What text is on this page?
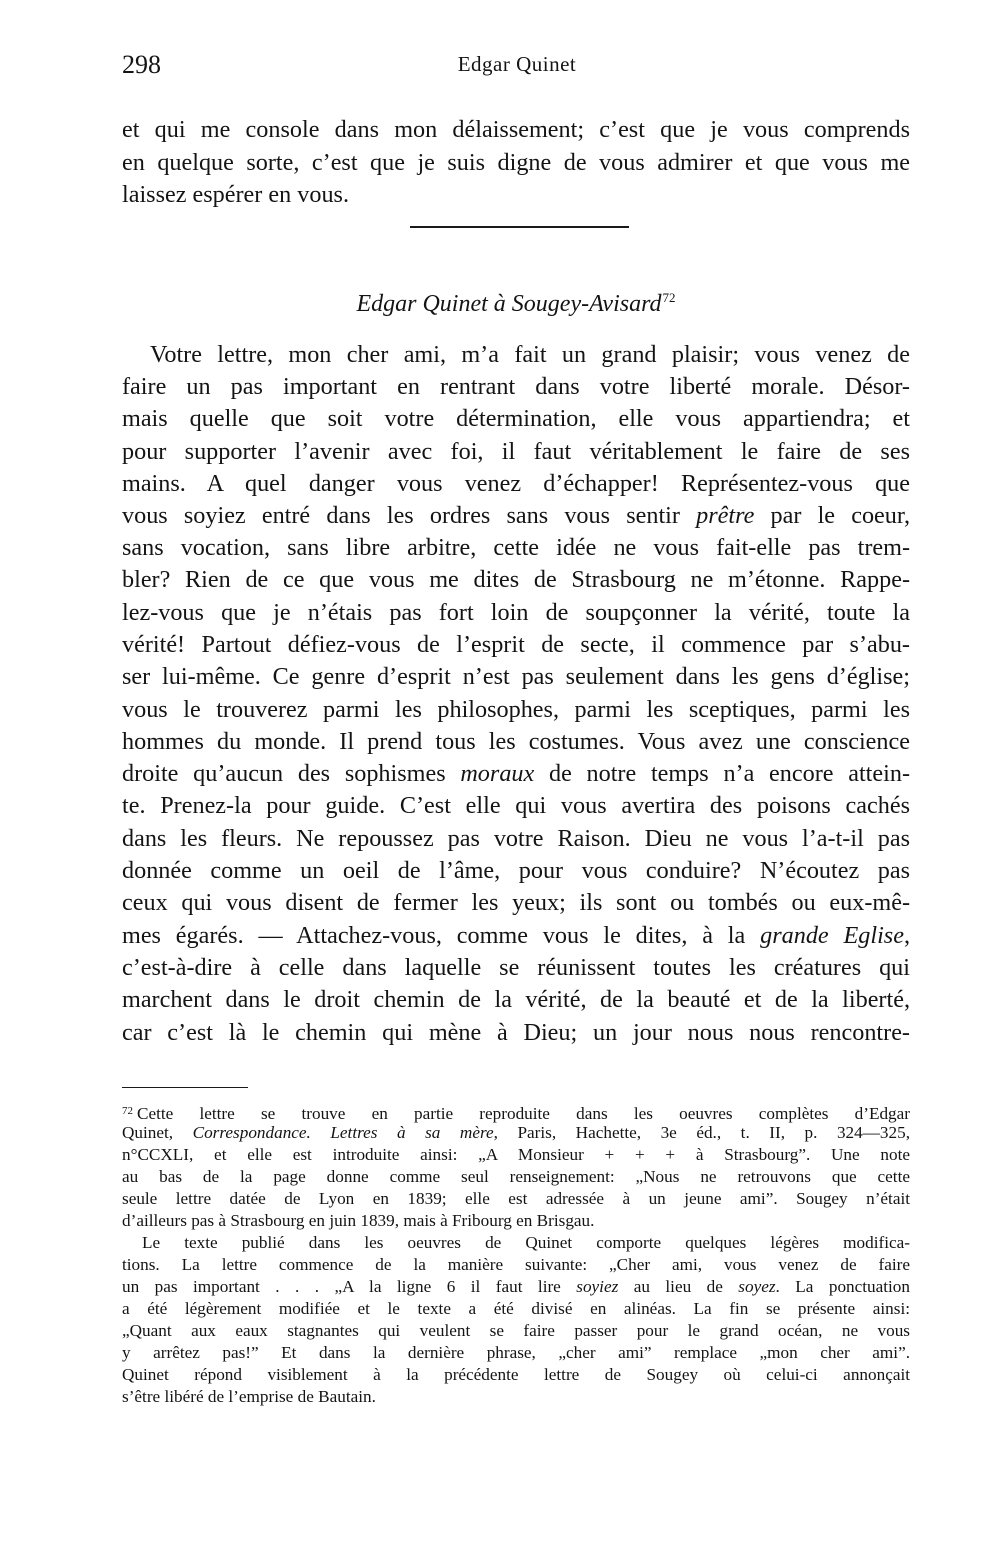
298	Edgar Quinet
et qui me console dans mon délaissement; c’est que je vous comprends
en quelque sorte, c’est que je suis digne de vous admirer et que vous me
laissez espérer en vous.
Edgar Quinet à Sougey-Avisard$^{72}$
Votre lettre, mon cher ami, m’a fait un grand plaisir; vous venez de
faire un pas important en rentrant dans votre liberté morale. Désor-
mais quelle que soit votre détermination, elle vous appartiendra; et
pour supporter l’avenir avec foi, il faut véritablement le faire de ses
mains. A quel danger vous venez d’échapper! Représentez-vous que
vous soyiez entré dans les ordres sans vous sentir prêtre par le coeur,
sans vocation, sans libre arbitre, cette idée ne vous fait-elle pas trem-
bler? Rien de ce que vous me dites de Strasbourg ne m’étonne. Rappe-
lez-vous que je n’étais pas fort loin de soupçonner la vérité, toute la
vérité! Partout défiez-vous de l’esprit de secte, il commence par s’abu-
ser lui-même. Ce genre d’esprit n’est pas seulement dans les gens d’église;
vous le trouverez parmi les philosophes, parmi les sceptiques, parmi les
hommes du monde. Il prend tous les costumes. Vous avez une conscience
droite qu’aucun des sophismes moraux de notre temps n’a encore attein-
te. Prenez-la pour guide. C’est elle qui vous avertira des poisons cachés
dans les fleurs. Ne repoussez pas votre Raison. Dieu ne vous l’a-t-il pas
donnée comme un oeil de l’âme, pour vous conduire? N’écoutez pas
ceux qui vous disent de fermer les yeux; ils sont ou tombés ou eux-mê-
mes égarés. — Attachez-vous, comme vous le dites, à la grande Eglise,
c’est-à-dire à celle dans laquelle se réunissent toutes les créatures qui
marchent dans le droit chemin de la vérité, de la beauté et de la liberté,
car c’est là le chemin qui mène à Dieu; un jour nous nous rencontre-
$^{72}$ Cette lettre se trouve en partie reproduite dans les oeuvres complètes d’Edgar
Quinet, Correspondance. Lettres à sa mère, Paris, Hachette, 3e éd., t. II, p. 324—325,
n°CCXLI, et elle est introduite ainsi: „A Monsieur + + + à Strasbourg”. Une note
au bas de la page donne comme seul renseignement: „Nous ne retrouvons que cette
seule lettre datée de Lyon en 1839; elle est adressée à un jeune ami”. Sougey n’était
d’ailleurs pas à Strasbourg en juin 1839, mais à Fribourg en Brisgau.
Le texte publié dans les oeuvres de Quinet comporte quelques légères modifica-
tions. La lettre commence de la manière suivante: „Cher ami, vous venez de faire
un pas important . . . „A la ligne 6 il faut lire soyiez au lieu de soyez. La ponctuation
a été légèrement modifiée et le texte a été divisé en alinéas. La fin se présente ainsi:
„Quant aux eaux stagnantes qui veulent se faire passer pour le grand océan, ne vous
y arrêtez pas!” Et dans la dernière phrase, „cher ami” remplace „mon cher ami”.
Quinet répond visiblement à la précédente lettre de Sougey où celui-ci annonçait
s’être libéré de l’emprise de Bautain.
